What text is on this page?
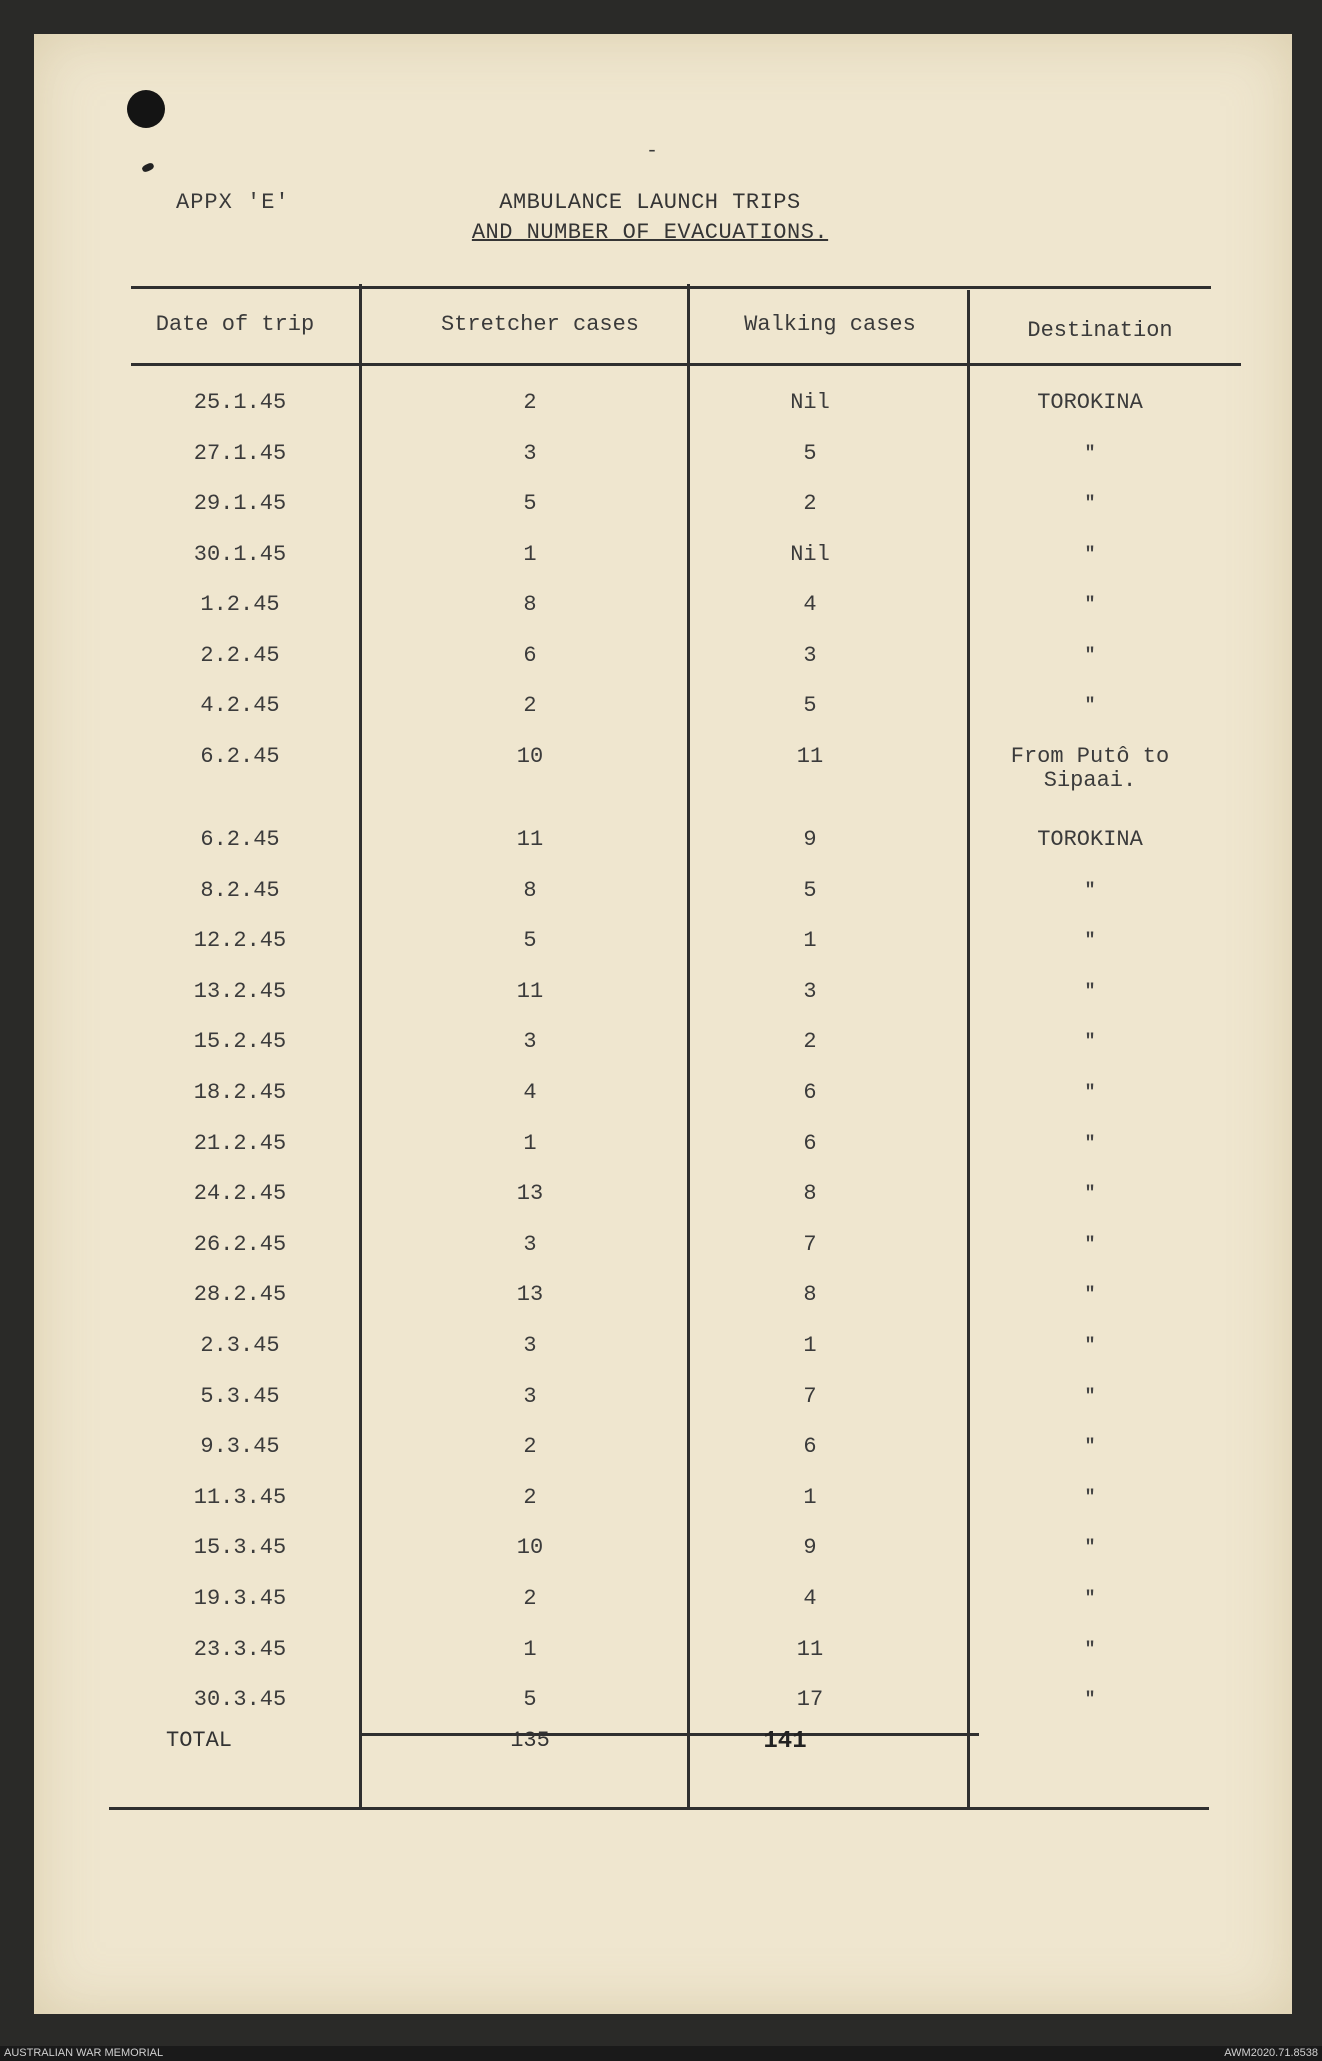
APPX 'E'
-
AMBULANCE LAUNCH TRIPS
AND NUMBER OF EVACUATIONS.
Date of trip	Stretcher cases	Walking cases	Destination
25.1.45	2	Nil	TOROKINA
27.1.45	3	5	"
29.1.45	5	2	"
30.1.45	1	Nil	"
1.2.45	8	4	"
2.2.45	6	3	"
4.2.45	2	5	"
6.2.45	10	11	From Putô to Sipaai.
6.2.45	11	9	TOROKINA
8.2.45	8	5	"
12.2.45	5	1	"
13.2.45	11	3	"
15.2.45	3	2	"
18.2.45	4	6	"
21.2.45	1	6	"
24.2.45	13	8	"
26.2.45	3	7	"
28.2.45	13	8	"
2.3.45	3	1	"
5.3.45	3	7	"
9.3.45	2	6	"
11.3.45	2	1	"
15.3.45	10	9	"
19.3.45	2	4	"
23.3.45	1	11	"
30.3.45	5	17	"
TOTAL	135	141
AUSTRALIAN WAR MEMORIAL	AWM2020.71.8538
